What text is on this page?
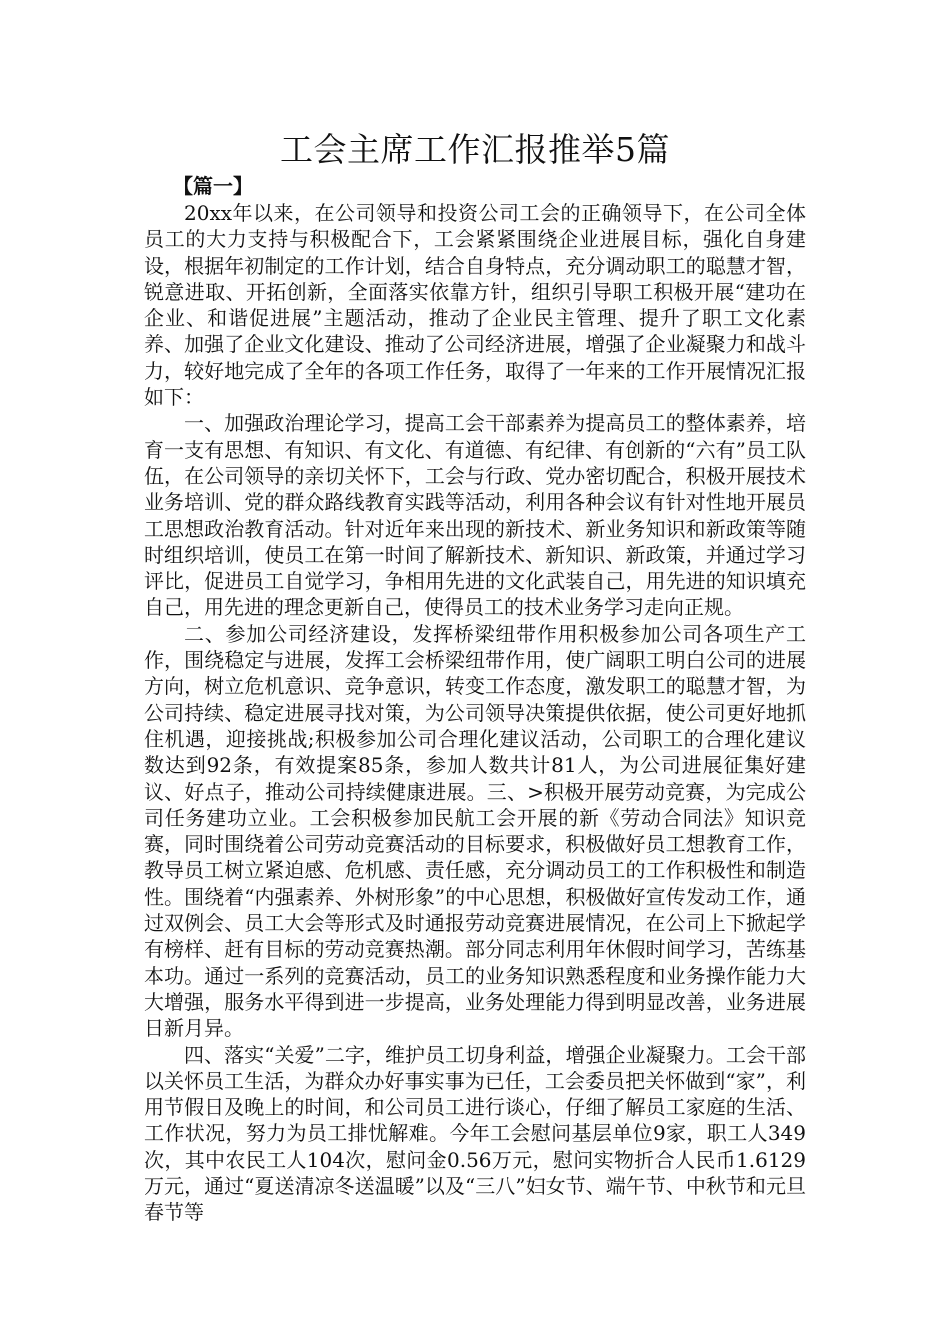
工会主席工作汇报推举5篇
【篇一】

20xx年以来，在公司领导和投资公司工会的正确领导下，在公司全体员工的大力支持与积极配合下，工会紧紧围绕企业进展目标，强化自身建设，根据年初制定的工作计划，结合自身特点，充分调动职工的聪慧才智，锐意进取、开拓创新，全面落实依靠方针，组织引导职工积极开展“建功在企业、和谐促进展”主题活动，推动了企业民主管理、提升了职工文化素养、加强了企业文化建设、推动了公司经济进展，增强了企业凝聚力和战斗力，较好地完成了全年的各项工作任务，取得了一年来的工作开展情况汇报如下：

一、加强政治理论学习，提高工会干部素养为提高员工的整体素养，培育一支有思想、有知识、有文化、有道德、有纪律、有创新的“六有”员工队伍，在公司领导的亲切关怀下，工会与行政、党办密切配合，积极开展技术业务培训、党的群众路线教育实践等活动，利用各种会议有针对性地开展员工思想政治教育活动。针对近年来出现的新技术、新业务知识和新政策等随时组织培训，使员工在第一时间了解新技术、新知识、新政策，并通过学习评比，促进员工自觉学习，争相用先进的文化武装自己，用先进的知识填充自己，用先进的理念更新自己，使得员工的技术业务学习走向正规。

二、参加公司经济建设，发挥桥梁纽带作用积极参加公司各项生产工作，围绕稳定与进展，发挥工会桥梁纽带作用，使广阔职工明白公司的进展方向，树立危机意识、竞争意识，转变工作态度，激发职工的聪慧才智，为公司持续、稳定进展寻找对策，为公司领导决策提供依据，使公司更好地抓住机遇，迎接挑战;积极参加公司合理化建议活动，公司职工的合理化建议数达到92条，有效提案85条，参加人数共计81人，为公司进展征集好建议、好点子，推动公司持续健康进展。三、>积极开展劳动竞赛，为完成公司任务建功立业。工会积极参加民航工会开展的新《劳动合同法》知识竞赛，同时围绕着公司劳动竞赛活动的目标要求，积极做好员工想教育工作，教导员工树立紧迫感、危机感、责任感，充分调动员工的工作积极性和制造性。围绕着“内强素养、外树形象”的中心思想，积极做好宣传发动工作，通过双例会、员工大会等形式及时通报劳动竞赛进展情况，在公司上下掀起学有榜样、赶有目标的劳动竞赛热潮。部分同志利用年休假时间学习，苦练基本功。通过一系列的竞赛活动，员工的业务知识熟悉程度和业务操作能力大大增强，服务水平得到进一步提高，业务处理能力得到明显改善，业务进展日新月异。

四、落实“关爱”二字，维护员工切身利益，增强企业凝聚力。工会干部以关怀员工生活，为群众办好事实事为已任，工会委员把关怀做到“家”，利用节假日及晚上的时间，和公司员工进行谈心，仔细了解员工家庭的生活、工作状况，努力为员工排忧解难。今年工会慰问基层单位9家，职工人349次，其中农民工人104次，慰问金0.56万元，慰问实物折合人民币1.6129万元，通过“夏送清凉冬送温暖”以及“三八”妇女节、端午节、中秋节和元旦春节等
